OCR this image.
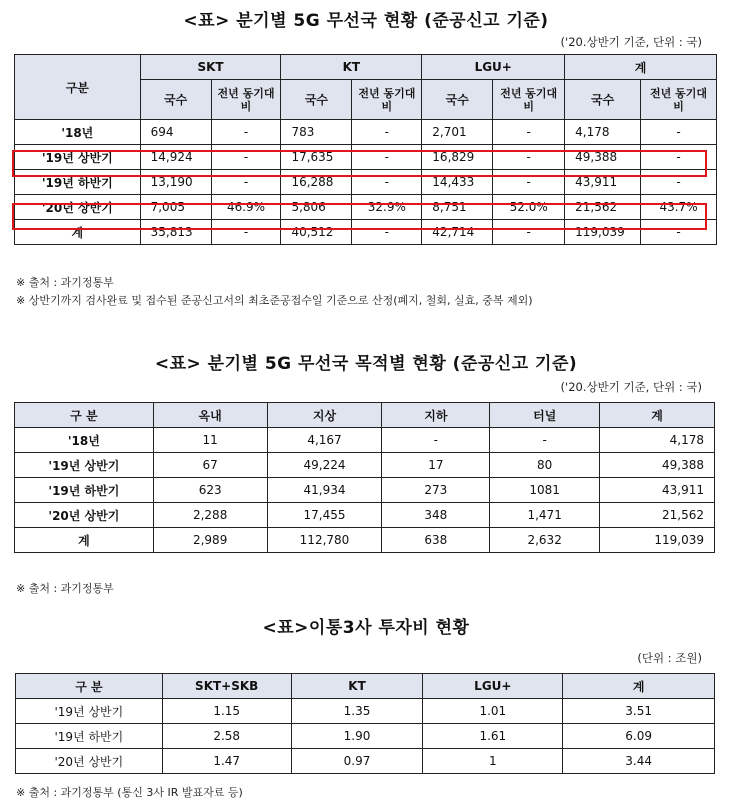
<표> 분기별 5G 무선국 현황 (준공신고 기준)
('20.상반기 기준, 단위 : 국)
구분	SKT		KT		LGU+		계	
	국수	전년 동기대비	국수	전년 동기대비	국수	전년 동기대비	국수	전년 동기대비
'18년	694	-	783	-	2,701	-	4,178	-
'19년 상반기	14,924	-	17,635	-	16,829	-	49,388	-
'19년 하반기	13,190	-	16,288	-	14,433	-	43,911	-
'20년 상반기	7,005	46.9%	5,806	32.9%	8,751	52.0%	21,562	43.7%
계	35,813	-	40,512	-	42,714	-	119,039	-
※ 출처 : 과기정통부
※ 상반기까지 검사완료 및 접수된 준공신고서의 최초준공접수일 기준으로 산정(폐지, 철회, 실효, 중복 제외)
<표> 분기별 5G 무선국 목적별 현황 (준공신고 기준)
('20.상반기 기준, 단위 : 국)
구 분	옥내	지상	지하	터널	계
'18년	11	4,167	-	-	4,178
'19년 상반기	67	49,224	17	80	49,388
'19년 하반기	623	41,934	273	1081	43,911
'20년 상반기	2,288	17,455	348	1,471	21,562
계	2,989	112,780	638	2,632	119,039
※ 출처 : 과기정통부
<표>이통3사 투자비 현황
(단위 : 조원)
구 분	SKT+SKB	KT	LGU+	계
'19년 상반기	1.15	1.35	1.01	3.51
'19년 하반기	2.58	1.90	1.61	6.09
'20년 상반기	1.47	0.97	1	3.44
※ 출처 : 과기정통부 (통신 3사 IR 발표자료 등)
